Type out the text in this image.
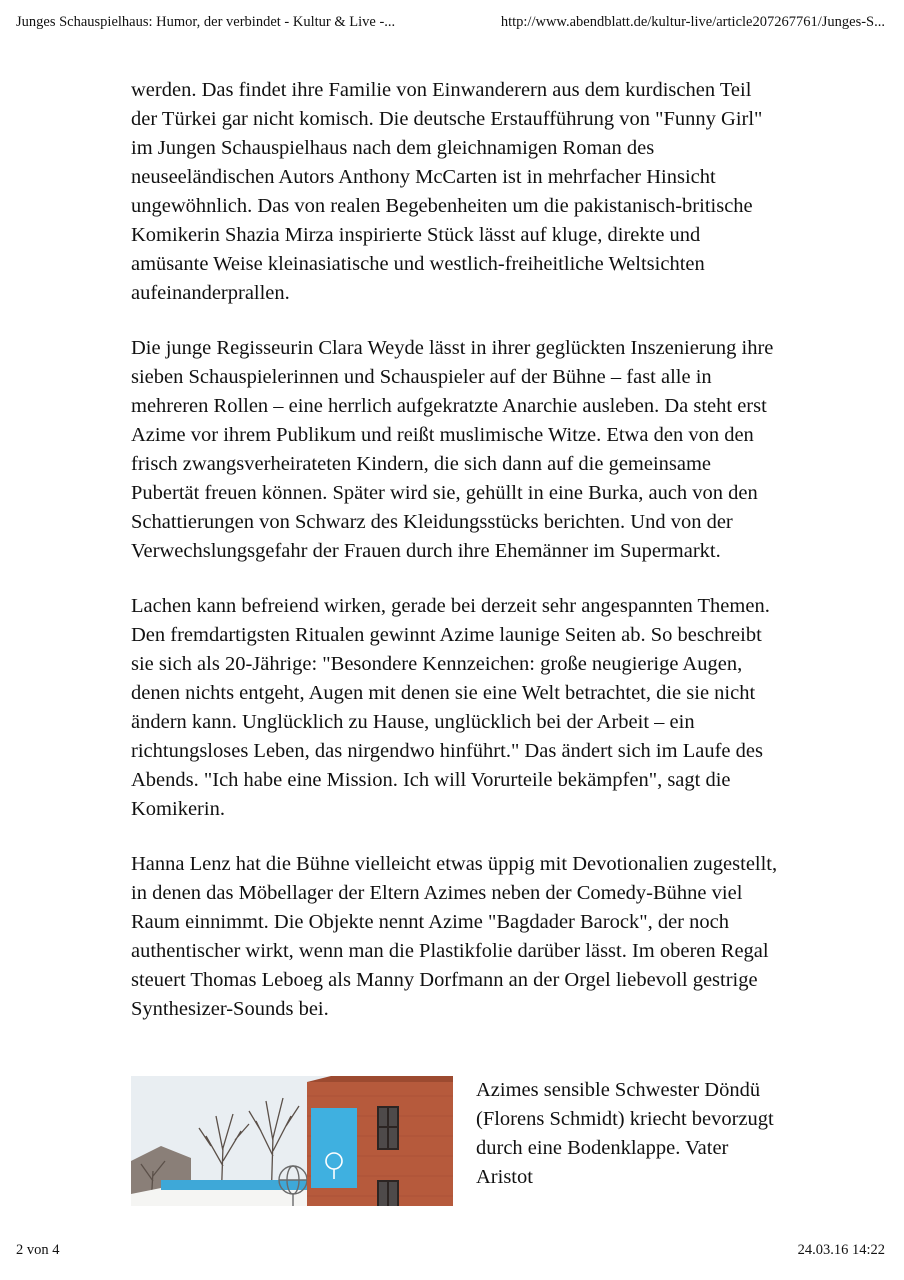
Junges Schauspielhaus: Humor, der verbindet - Kultur & Live -...	http://www.abendblatt.de/kultur-live/article207267761/Junges-S...

werden. Das findet ihre Familie von Einwanderern aus dem kurdischen Teil der Türkei gar nicht komisch. Die deutsche Erstaufführung von "Funny Girl" im Jungen Schauspielhaus nach dem gleichnamigen Roman des neuseeländischen Autors Anthony McCarten ist in mehrfacher Hinsicht ungewöhnlich. Das von realen Begebenheiten um die pakistanisch-britische Komikerin Shazia Mirza inspirierte Stück lässt auf kluge, direkte und amüsante Weise kleinasiatische und westlich-freiheitliche Weltsichten aufeinanderprallen.

Die junge Regisseurin Clara Weyde lässt in ihrer geglückten Inszenierung ihre sieben Schauspielerinnen und Schauspieler auf der Bühne – fast alle in mehreren Rollen – eine herrlich aufgekratzte Anarchie ausleben. Da steht erst Azime vor ihrem Publikum und reißt muslimische Witze. Etwa den von den frisch zwangsverheirateten Kindern, die sich dann auf die gemeinsame Pubertät freuen können. Später wird sie, gehüllt in eine Burka, auch von den Schattierungen von Schwarz des Kleidungsstücks berichten. Und von der Verwechslungsgefahr der Frauen durch ihre Ehemänner im Supermarkt.

Lachen kann befreiend wirken, gerade bei derzeit sehr angespannten Themen. Den fremdartigsten Ritualen gewinnt Azime launige Seiten ab. So beschreibt sie sich als 20-Jährige: "Besondere Kennzeichen: große neugierige Augen, denen nichts entgeht, Augen mit denen sie eine Welt betrachtet, die sie nicht ändern kann. Unglücklich zu Hause, unglücklich bei der Arbeit – ein richtungsloses Leben, das nirgendwo hinführt." Das ändert sich im Laufe des Abends. "Ich habe eine Mission. Ich will Vorurteile bekämpfen", sagt die Komikerin.

Hanna Lenz hat die Bühne vielleicht etwas üppig mit Devotionalien zugestellt, in denen das Möbellager der Eltern Azimes neben der Comedy-Bühne viel Raum einnimmt. Die Objekte nennt Azime "Bagdader Barock", der noch authentischer wirkt, wenn man die Plastikfolie darüber lässt. Im oberen Regal steuert Thomas Leboeg als Manny Dorfmann an der Orgel liebevoll gestrige Synthesizer-Sounds bei.

Azimes sensible Schwester Döndü (Florens Schmidt) kriecht bevorzugt durch eine Bodenklappe. Vater Aristot

2 von 4	24.03.16 14:22
